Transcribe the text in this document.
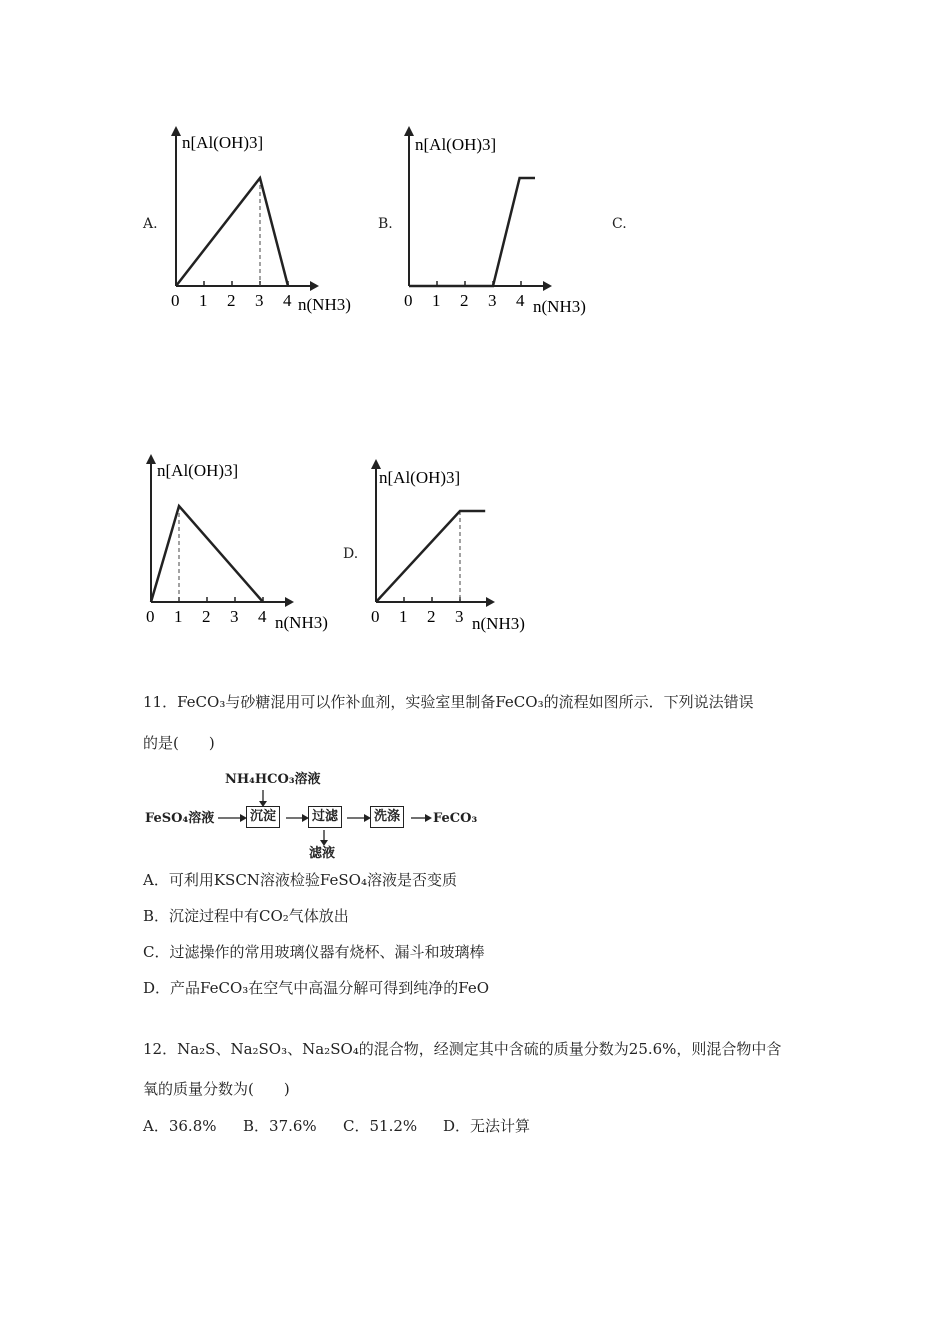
A.	B.	C.
D.
n[Al(OH)3]
n(NH3)
0 1 2 3 4
n[Al(OH)3]
n(NH3)
0 1 2 3 4
n[Al(OH)3]
n(NH3)
0 1 2 3 4
n[Al(OH)3]
n(NH3)
0 1 2 3
11．FeCO₃与砂糖混用可以作补血剂，实验室里制备FeCO₃的流程如图所示．下列说法错误
的是(　　)
NH₄HCO₃溶液
FeSO₄溶液	沉淀	过滤	洗涤	FeCO₃
滤液
A．可利用KSCN溶液检验FeSO₄溶液是否变质
B．沉淀过程中有CO₂气体放出
C．过滤操作的常用玻璃仪器有烧杯、漏斗和玻璃棒
D．产品FeCO₃在空气中高温分解可得到纯净的FeO
12．Na₂S、Na₂SO₃、Na₂SO₄的混合物，经测定其中含硫的质量分数为25.6%，则混合物中含
氧的质量分数为(　　)
A．36.8% B．37.6% C．51.2% D．无法计算
